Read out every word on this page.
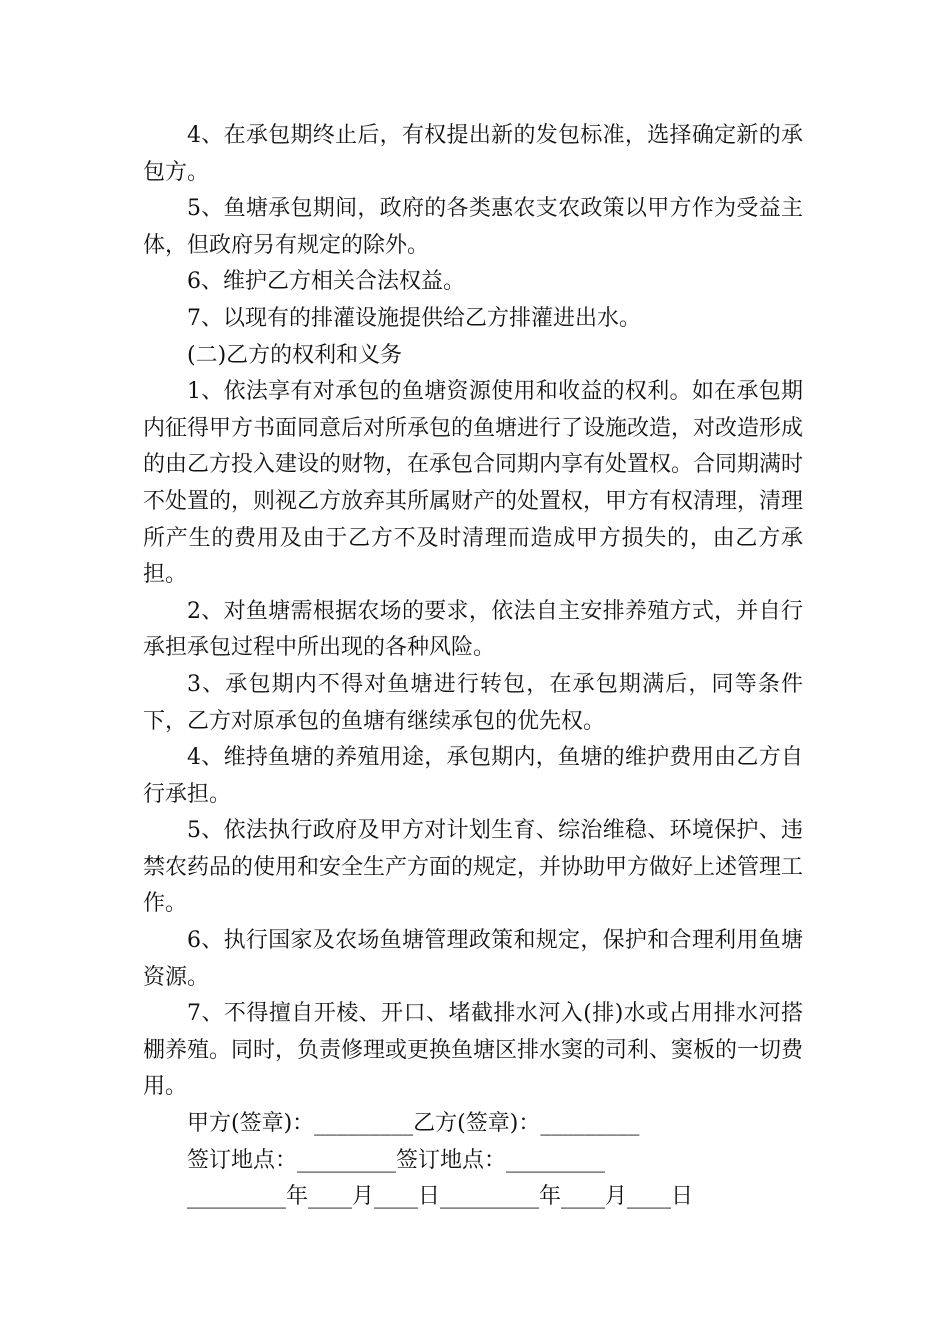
4、在承包期终止后，有权提出新的发包标准，选择确定新的承包方。

5、鱼塘承包期间，政府的各类惠农支农政策以甲方作为受益主体，但政府另有规定的除外。

6、维护乙方相关合法权益。

7、以现有的排灌设施提供给乙方排灌进出水。

(二)乙方的权利和义务

1、依法享有对承包的鱼塘资源使用和收益的权利。如在承包期内征得甲方书面同意后对所承包的鱼塘进行了设施改造，对改造形成的由乙方投入建设的财物，在承包合同期内享有处置权。合同期满时不处置的，则视乙方放弃其所属财产的处置权，甲方有权清理，清理所产生的费用及由于乙方不及时清理而造成甲方损失的，由乙方承担。

2、对鱼塘需根据农场的要求，依法自主安排养殖方式，并自行承担承包过程中所出现的各种风险。

3、承包期内不得对鱼塘进行转包，在承包期满后，同等条件下，乙方对原承包的鱼塘有继续承包的优先权。

4、维持鱼塘的养殖用途，承包期内，鱼塘的维护费用由乙方自行承担。

5、依法执行政府及甲方对计划生育、综治维稳、环境保护、违禁农药品的使用和安全生产方面的规定，并协助甲方做好上述管理工作。

6、执行国家及农场鱼塘管理政策和规定，保护和合理利用鱼塘资源。

7、不得擅自开棱、开口、堵截排水河入(排)水或占用排水河搭棚养殖。同时，负责修理或更换鱼塘区排水窦的司利、窦板的一切费用。

甲方(签章)：_________乙方(签章)：_________

签订地点：_________签订地点：_________

_________年____月____日_________年____月____日
